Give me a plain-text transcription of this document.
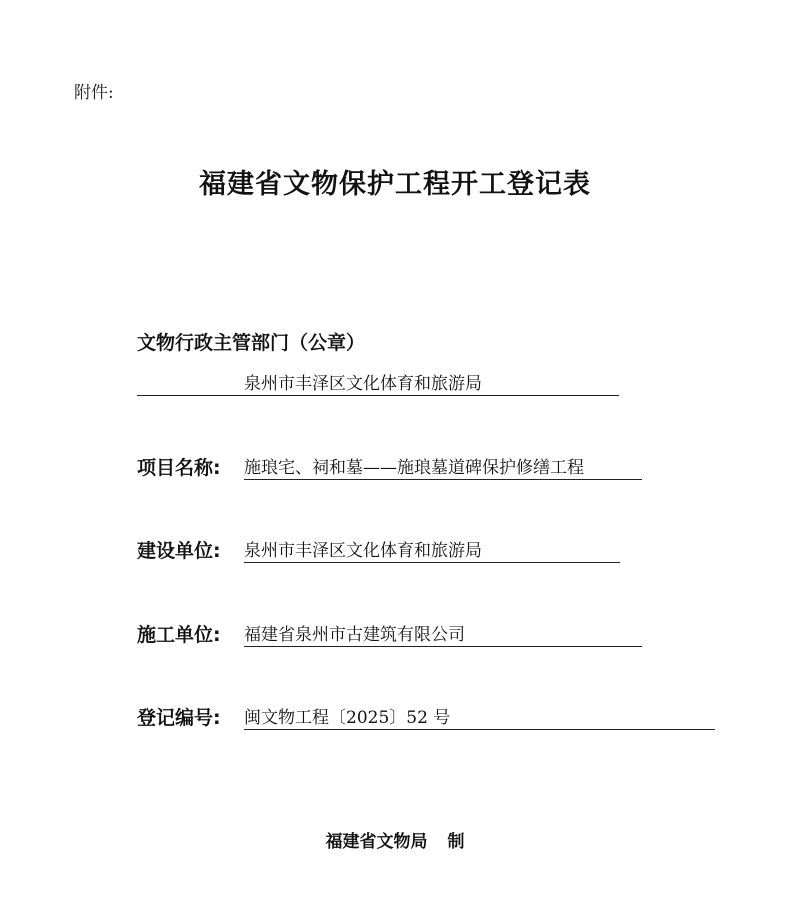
附件:
福建省文物保护工程开工登记表
文物行政主管部门（公章）
泉州市丰泽区文化体育和旅游局
项目名称: 施琅宅、祠和墓——施琅墓道碑保护修缮工程
建设单位: 泉州市丰泽区文化体育和旅游局
施工单位: 福建省泉州市古建筑有限公司
登记编号: 闽文物工程〔2025〕52 号
福建省文物局 制
